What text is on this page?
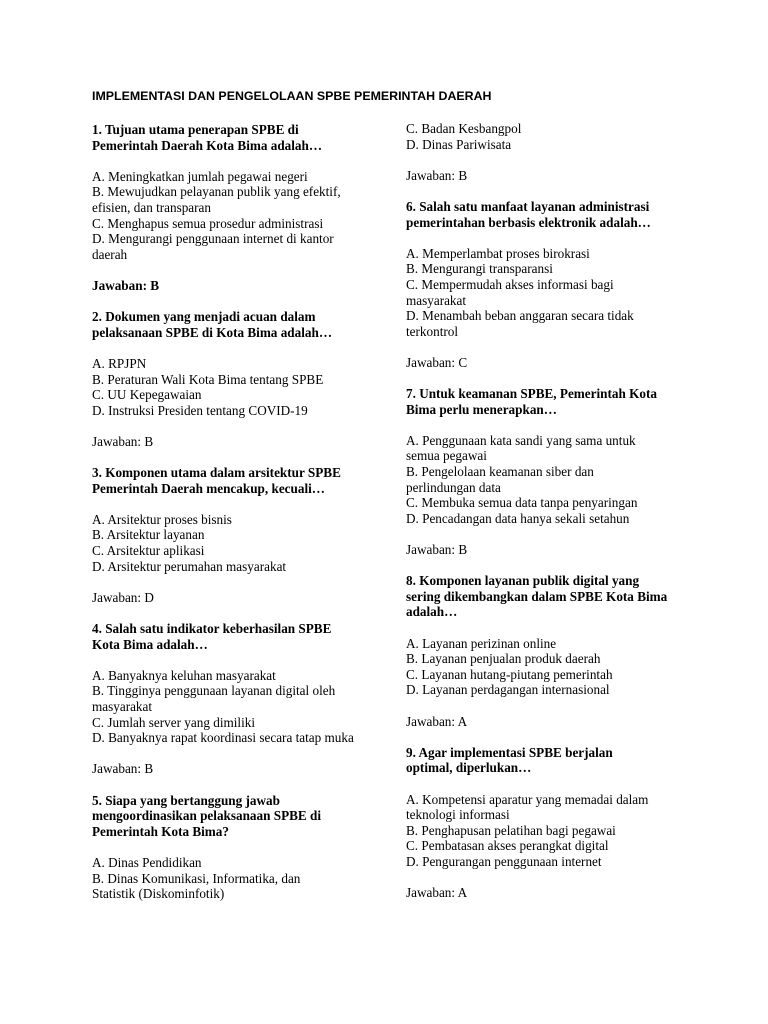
IMPLEMENTASI DAN PENGELOLAAN SPBE PEMERINTAH DAERAH

1. Tujuan utama penerapan SPBE di Pemerintah Daerah Kota Bima adalah…

A. Meningkatkan jumlah pegawai negeri

B. Mewujudkan pelayanan publik yang efektif, efisien, dan transparan

C. Menghapus semua prosedur administrasi

D. Mengurangi penggunaan internet di kantor daerah

Jawaban: B

2. Dokumen yang menjadi acuan dalam pelaksanaan SPBE di Kota Bima adalah…

A. RPJPN

B. Peraturan Wali Kota Bima tentang SPBE

C. UU Kepegawaian

D. Instruksi Presiden tentang COVID-19

Jawaban: B

3. Komponen utama dalam arsitektur SPBE Pemerintah Daerah mencakup, kecuali…

A. Arsitektur proses bisnis

B. Arsitektur layanan

C. Arsitektur aplikasi

D. Arsitektur perumahan masyarakat

Jawaban: D

4. Salah satu indikator keberhasilan SPBE Kota Bima adalah…

A. Banyaknya keluhan masyarakat

B. Tingginya penggunaan layanan digital oleh masyarakat

C. Jumlah server yang dimiliki

D. Banyaknya rapat koordinasi secara tatap muka

Jawaban: B

5. Siapa yang bertanggung jawab mengoordinasikan pelaksanaan SPBE di Pemerintah Kota Bima?

A. Dinas Pendidikan

B. Dinas Komunikasi, Informatika, dan Statistik (Diskominfotik)

C. Badan Kesbangpol

D. Dinas Pariwisata

Jawaban: B

6. Salah satu manfaat layanan administrasi pemerintahan berbasis elektronik adalah…

A. Memperlambat proses birokrasi

B. Mengurangi transparansi

C. Mempermudah akses informasi bagi masyarakat

D. Menambah beban anggaran secara tidak terkontrol

Jawaban: C

7. Untuk keamanan SPBE, Pemerintah Kota Bima perlu menerapkan…

A. Penggunaan kata sandi yang sama untuk semua pegawai

B. Pengelolaan keamanan siber dan perlindungan data

C. Membuka semua data tanpa penyaringan

D. Pencadangan data hanya sekali setahun

Jawaban: B

8. Komponen layanan publik digital yang sering dikembangkan dalam SPBE Kota Bima adalah…

A. Layanan perizinan online

B. Layanan penjualan produk daerah

C. Layanan hutang-piutang pemerintah

D. Layanan perdagangan internasional

Jawaban: A

9. Agar implementasi SPBE berjalan optimal, diperlukan…

A. Kompetensi aparatur yang memadai dalam teknologi informasi

B. Penghapusan pelatihan bagi pegawai

C. Pembatasan akses perangkat digital

D. Pengurangan penggunaan internet

Jawaban: A
